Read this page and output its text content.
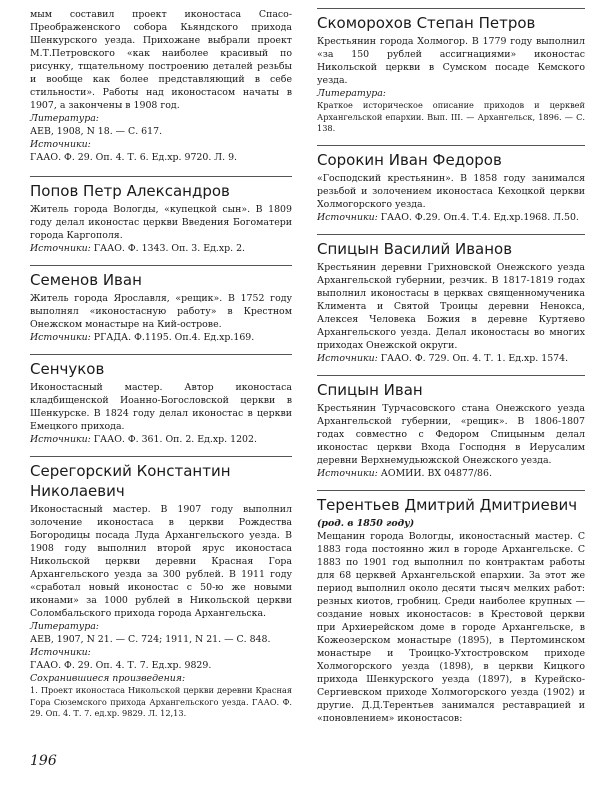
мым составил проект иконостаса Спасо-Преображенского собора Кьяндского прихода Шенкурского уезда. Прихожане выбрали проект М.Т.Петровского «как наиболее красивый по рисунку, тщательному построению деталей резьбы и вообще как более представляющий в себе стильности». Работы над иконостасом начаты в 1907, а закончены в 1908 год.

Литература:

АЕВ, 1908, N 18. — С. 617.

Источники:

ГААО. Ф. 29. Оп. 4. Т. 6. Ед.хр. 9720. Л. 9.

Попов Петр Александров

Житель города Вологды, «купецкой сын». В 1809 году делал иконостас церкви Введения Богоматери города Каргополя.

Источники: ГААО. Ф. 1343. Оп. 3. Ед.хр. 2.

Семенов Иван

Житель города Ярославля, «рещик». В 1752 году выполнял «иконостасную работу» в Крестном Онежском монастыре на Кий-острове.

Источники: РГАДА. Ф.1195. Оп.4. Ед.хр.169.

Сенчуков

Иконостасный мастер. Автор иконостаса кладбищенской Иоанно-Богословской церкви в Шенкурске. В 1824 году делал иконостас в церкви Емецкого прихода.

Источники: ГААО. Ф. 361. Оп. 2. Ед.хр. 1202.

Серегорский Константин Николаевич

Иконостасный мастер. В 1907 году выполнил золочение иконостаса в церкви Рождества Богородицы посада Луда Архангельского уезда. В 1908 году выполнил второй ярус иконостаса Никольской церкви деревни Красная Гора Архангельского уезда за 300 рублей. В 1911 году «сработал новый иконостас с 50-ю же новыми иконами» за 1000 рублей в Никольской церкви Соломбальского прихода города Архангельска.

Литература:

АЕВ, 1907, N 21. — С. 724; 1911, N 21. — С. 848.

Источники:

ГААО. Ф. 29. Оп. 4. Т. 7. Ед.хр. 9829.

Сохранившиеся произведения:

1. Проект иконостаса Никольской церкви деревни Красная Гора Сюземского прихода Архангельского уезда. ГААО. Ф. 29. Оп. 4. Т. 7. ед.хр. 9829. Л. 12,13.

Скоморохов Степан Петров

Крестьянин города Холмогор. В 1779 году выполнил «за 150 рублей ассигнациями» иконостас Никольской церкви в Сумском посаде Кемского уезда.

Литература:

Краткое историческое описание приходов и церквей Архангельской епархии. Вып. III. — Архангельск, 1896. — С. 138.

Сорокин Иван Федоров

«Господский крестьянин». В 1858 году занимался резьбой и золочением иконостаса Кехоцкой церкви Холмогорского уезда.

Источники: ГААО. Ф.29. Оп.4. Т.4. Ед.хр.1968. Л.50.

Спицын Василий Иванов

Крестьянин деревни Грихновской Онежского уезда Архангельской губернии, резчик. В 1817-1819 годах выполнил иконостасы в церквах священномученика Климента и Святой Троицы деревни Ненокса, Алексея Человека Божия в деревне Куртяево Архангельского уезда. Делал иконостасы во многих приходах Онежской округи.

Источники: ГААО. Ф. 729. Оп. 4. Т. 1. Ед.хр. 1574.

Спицын Иван

Крестьянин Турчасовского стана Онежского уезда Архангельской губернии, «рещик». В 1806-1807 годах совместно с Федором Спицыным делал иконостас церкви Входа Господня в Иерусалим деревни Верхнемудьюжской Онежского уезда.

Источники: АОМИИ. ВХ 04877/86.

Терентьев Дмитрий Дмитриевич

(род. в 1850 году)

Мещанин города Вологды, иконостасный мастер. С 1883 года постоянно жил в городе Архангельске. С 1883 по 1901 год выполнил по контрактам работы для 68 церквей Архангельской епархии. За этот же период выполнил около десяти тысяч мелких работ: резных киотов, гробниц. Среди наиболее крупных —создание новых иконостасов: в Крестовой церкви при Архиерейском доме в городе Архангельске, в Кожеозерском монастыре (1895), в Пертоминском монастыре и Троицко-Ухтостровском приходе Холмогорского уезда (1898), в церкви Кицкого прихода Шенкурского уезда (1897), в Курейско-Сергиевском приходе Холмогорского уезда (1902) и другие. Д.Д.Терентьев занимался реставрацией и «поновлением» иконостасов:

196
